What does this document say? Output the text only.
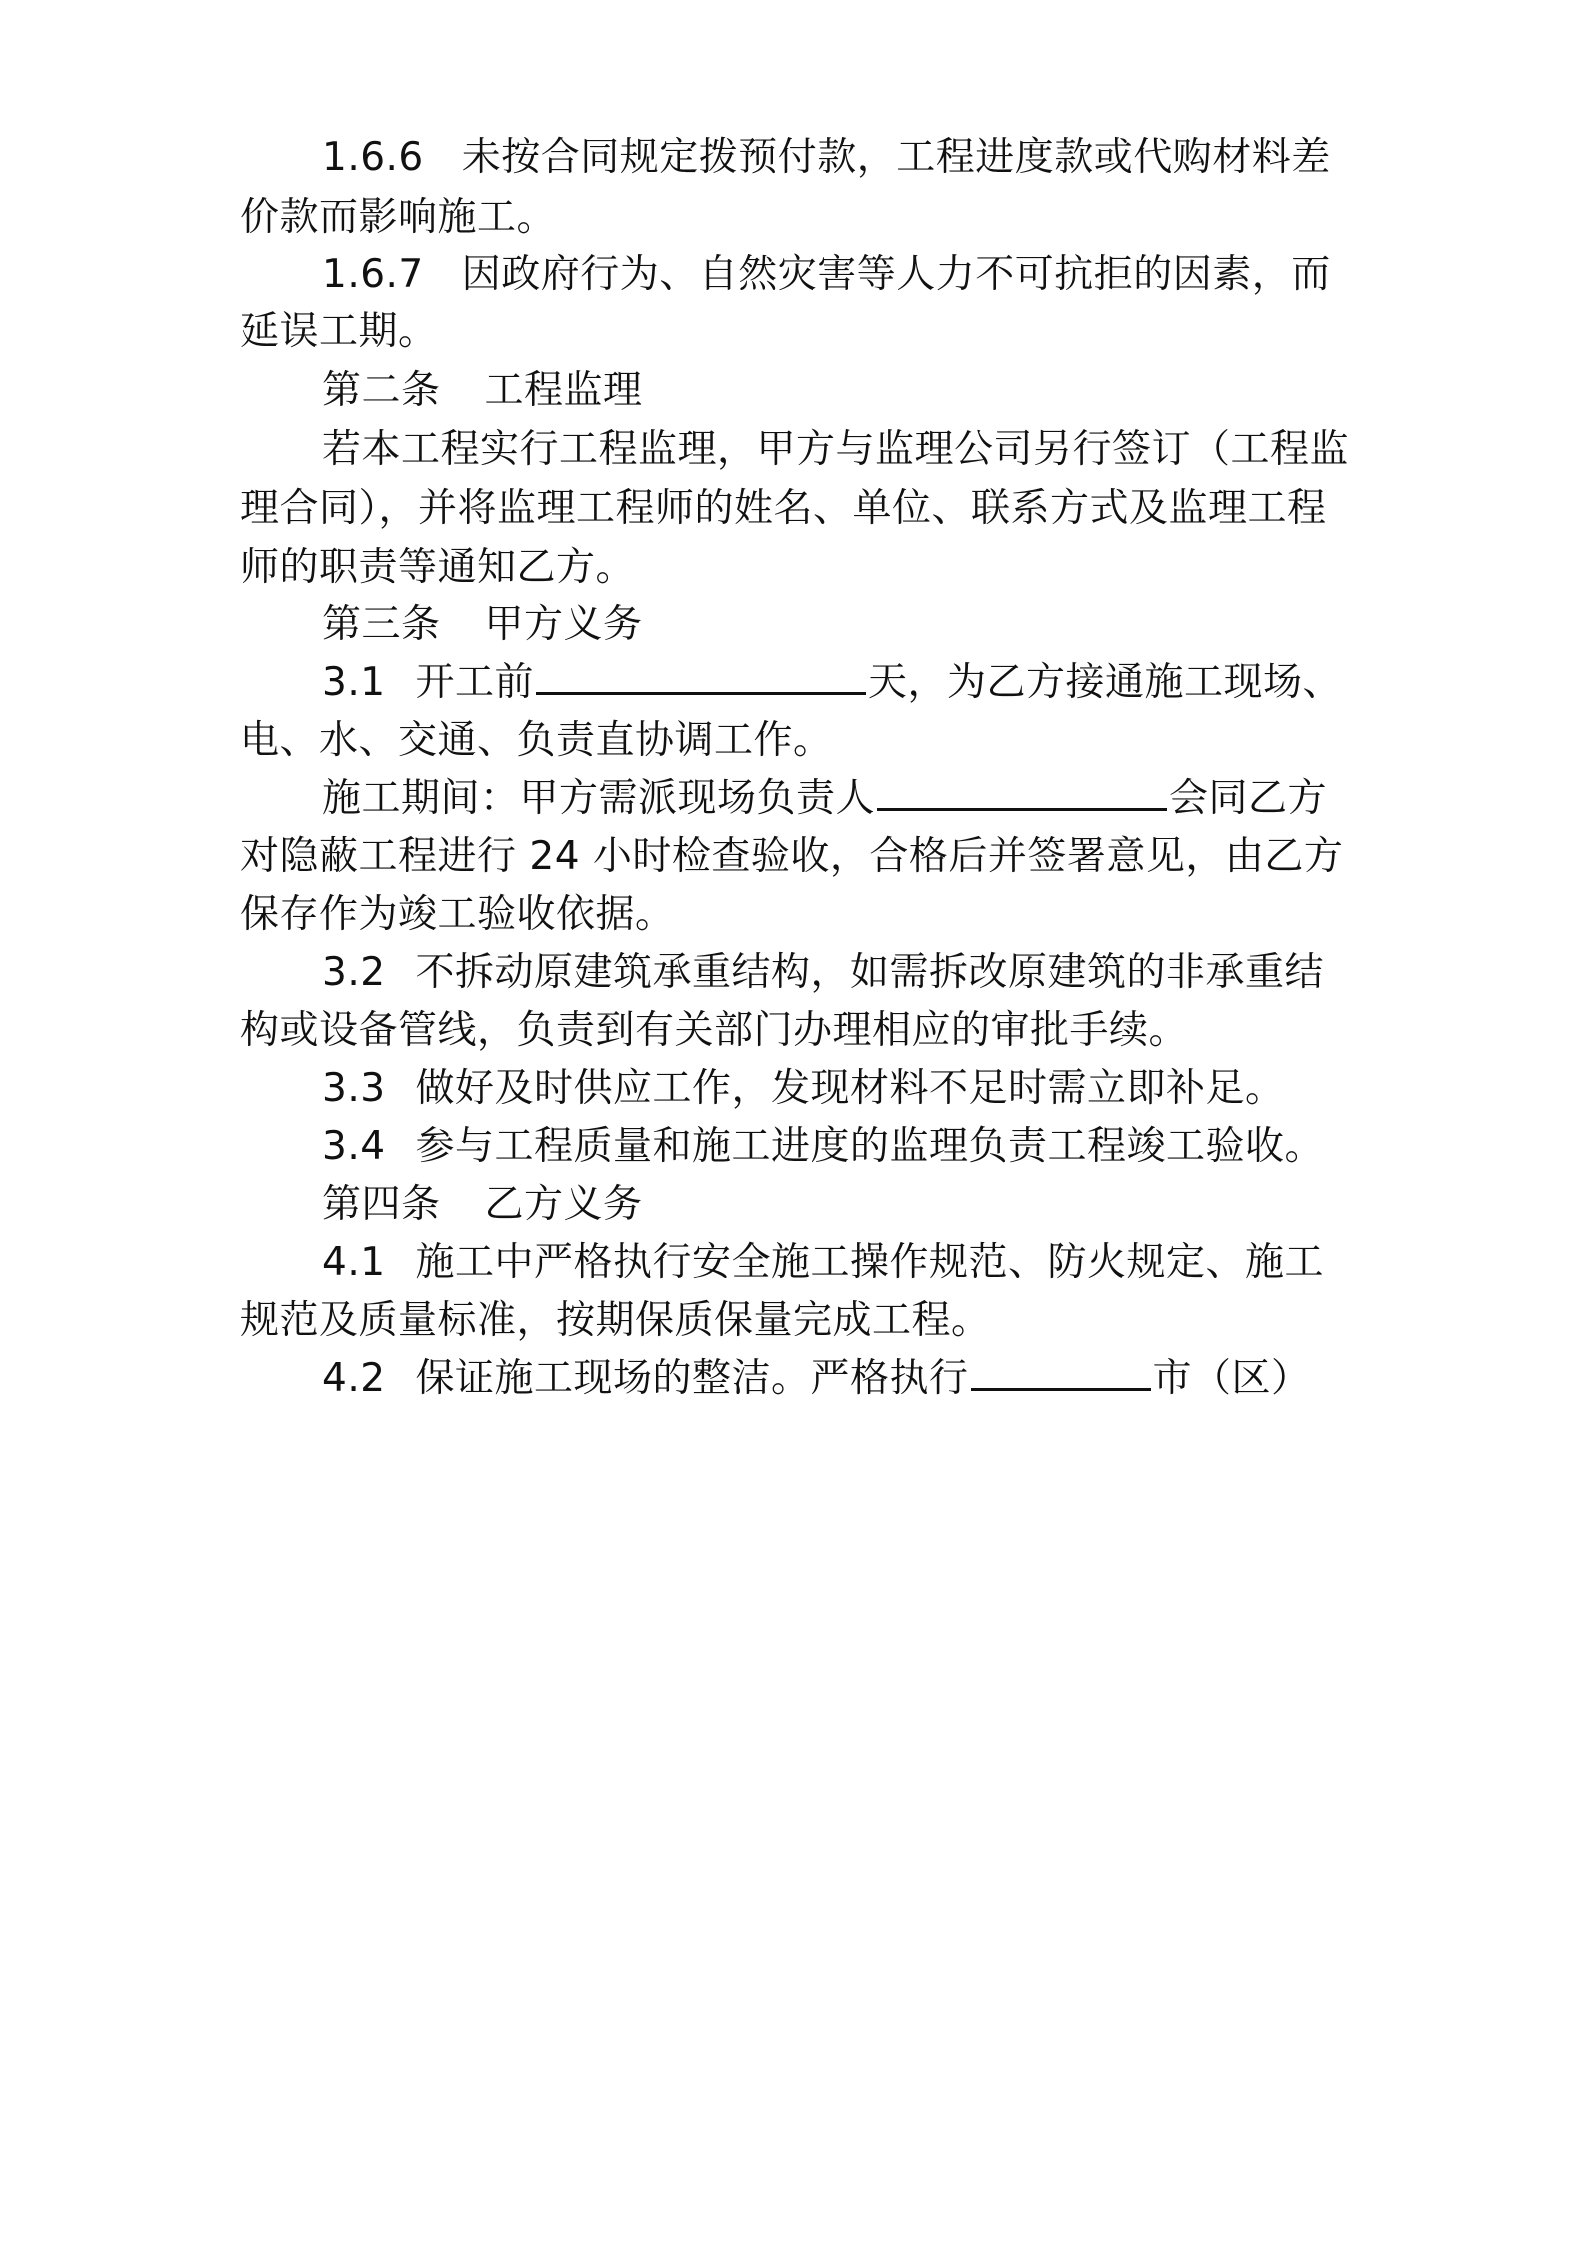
1.6.6 未按合同规定拨预付款，工程进度款或代购材料差
价款而影响施工。
1.6.7 因政府行为、自然灾害等人力不可抗拒的因素，而
延误工期。
第二条 工程监理
若本工程实行工程监理，甲方与监理公司另行签订（工程监
理合同），并将监理工程师的姓名、单位、联系方式及监理工程
师的职责等通知乙方。
第三条 甲方义务
3.1 开工前	天，为乙方接通施工现场、
电、水、交通、负责直协调工作。
施工期间：甲方需派现场负责人	会同乙方
对隐蔽工程进行 24 小时检查验收，合格后并签署意见，由乙方
保存作为竣工验收依据。
3.2 不拆动原建筑承重结构，如需拆改原建筑的非承重结
构或设备管线，负责到有关部门办理相应的审批手续。
3.3 做好及时供应工作，发现材料不足时需立即补足。
3.4 参与工程质量和施工进度的监理负责工程竣工验收。
第四条 乙方义务
4.1 施工中严格执行安全施工操作规范、防火规定、施工
规范及质量标准，按期保质保量完成工程。
4.2 保证施工现场的整洁。严格执行	市（区）
